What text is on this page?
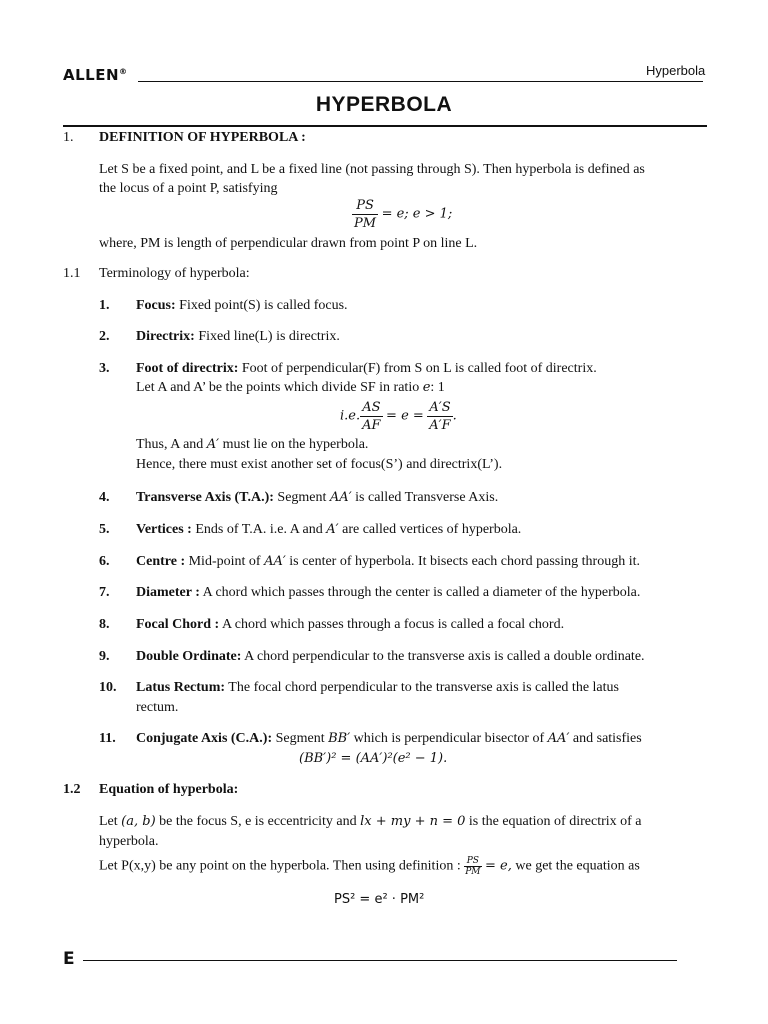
ALLEN®	Hyperbola
HYPERBOLA
1. DEFINITION OF HYPERBOLA :
Let S be a fixed point, and L be a fixed line (not passing through S). Then hyperbola is defined as
the locus of a point P, satisfying
$\frac{PS}{PM} = e$; e > 1;
where, PM is length of perpendicular drawn from point P on line L.
1.1 Terminology of hyperbola:
1. Focus: Fixed point(S) is called focus.
2. Directrix: Fixed line(L) is directrix.
3. Foot of directrix: Foot of perpendicular(F) from S on L is called foot of directrix.
Let A and A’ be the points which divide SF in ratio e: 1
i.e. $\frac{AS}{AF} = e = \frac{A'S}{A'F}$ .
Thus, A and A′ must lie on the hyperbola.
Hence, there must exist another set of focus(S’) and directrix(L’).
4. Transverse Axis (T.A.): Segment AA′ is called Transverse Axis.
5. Vertices : Ends of T.A. i.e. A and A′ are called vertices of hyperbola.
6. Centre : Mid-point of AA′ is center of hyperbola. It bisects each chord passing through it.
7. Diameter : A chord which passes through the center is called a diameter of the hyperbola.
8. Focal Chord : A chord which passes through a focus is called a focal chord.
9. Double Ordinate: A chord perpendicular to the transverse axis is called a double ordinate.
10. Latus Rectum: The focal chord perpendicular to the transverse axis is called the latus
rectum.
11. Conjugate Axis (C.A.): Segment BB′ which is perpendicular bisector of AA′ and satisfies
(BB′)² = (AA′)²(e² − 1).
1.2 Equation of hyperbola:
Let (a, b) be the focus S, e is eccentricity and lx + my + n = 0 is the equation of directrix of a
hyperbola.
Let P(x,y) be any point on the hyperbola. Then using definition : $\frac{PS}{PM} = e$, we get the equation as
PS² = e² · PM²
E
